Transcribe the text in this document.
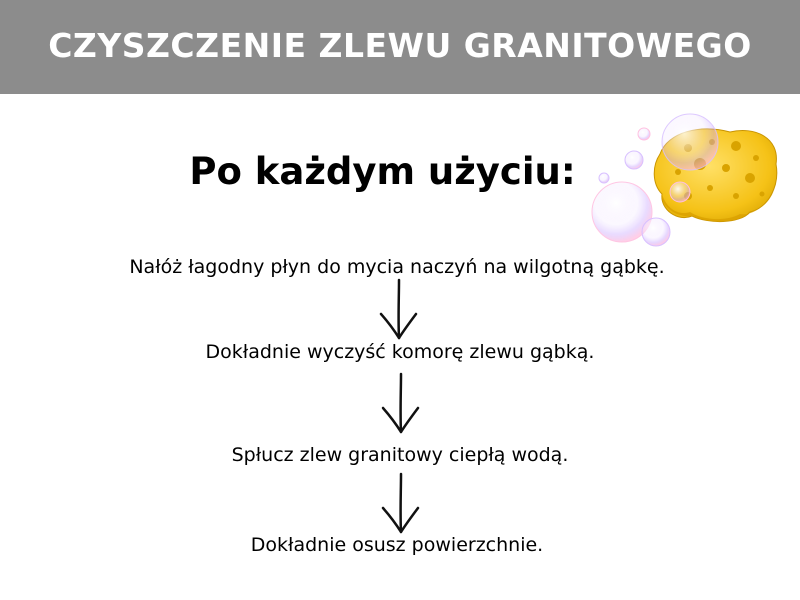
CZYSZCZENIE ZLEWU GRANITOWEGO
Po każdym użyciu:
Nałóż łagodny płyn do mycia naczyń na wilgotną gąbkę.
Dokładnie wyczyść komorę zlewu gąbką.
Spłucz zlew granitowy ciepłą wodą.
Dokładnie osusz powierzchnie.
